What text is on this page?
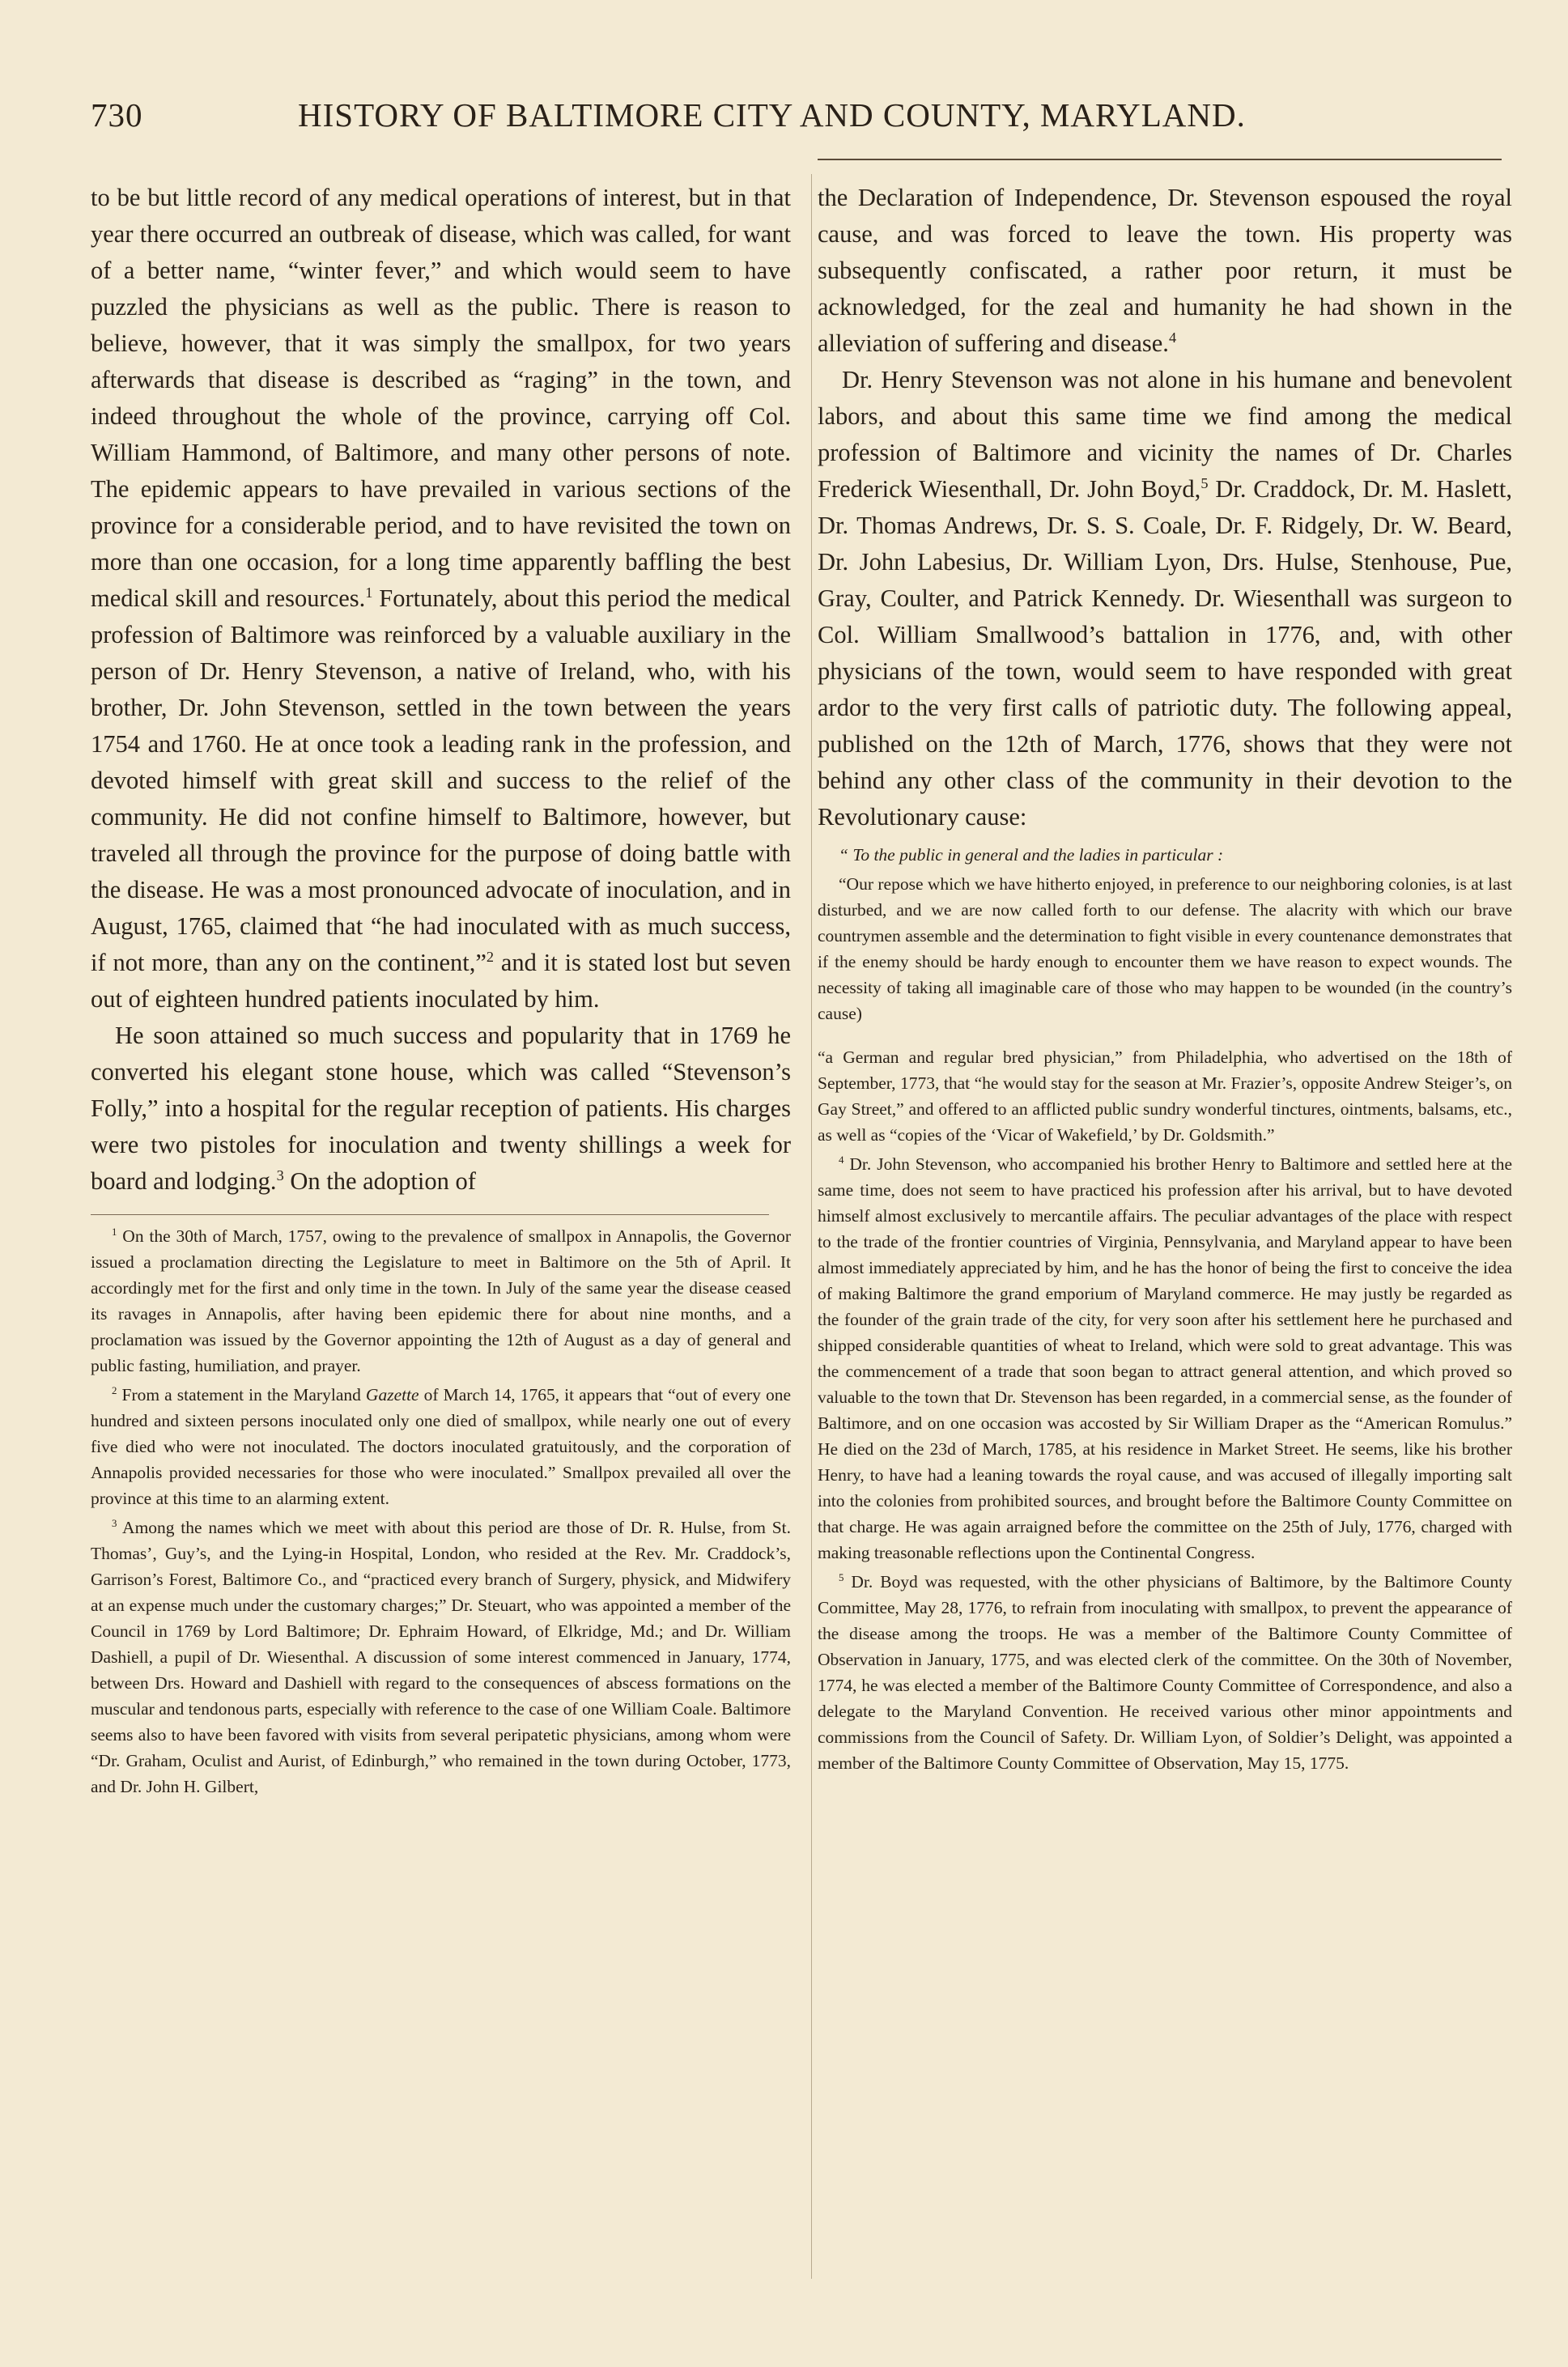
730	HISTORY OF BALTIMORE CITY AND COUNTY, MARYLAND.

to be but little record of any medical operations of interest, but in that year there occurred an outbreak of disease, which was called, for want of a better name, “winter fever,” and which would seem to have puzzled the physicians as well as the public. There is reason to believe, however, that it was simply the smallpox, for two years afterwards that disease is described as “raging” in the town, and indeed throughout the whole of the province, carrying off Col. William Hammond, of Baltimore, and many other persons of note. The epidemic appears to have prevailed in various sections of the province for a considerable period, and to have revisited the town on more than one occasion, for a long time apparently baffling the best medical skill and resources.$^1$ Fortunately, about this period the medical profession of Baltimore was reinforced by a valuable auxiliary in the person of Dr. Henry Stevenson, a native of Ireland, who, with his brother, Dr. John Stevenson, settled in the town between the years 1754 and 1760. He at once took a leading rank in the profession, and devoted himself with great skill and success to the relief of the community. He did not confine himself to Baltimore, however, but traveled all through the province for the purpose of doing battle with the disease. He was a most pronounced advocate of inoculation, and in August, 1765, claimed that “he had inoculated with as much success, if not more, than any on the continent,”$^2$ and it is stated lost but seven out of eighteen hundred patients inoculated by him.

He soon attained so much success and popularity that in 1769 he converted his elegant stone house, which was called “Stevenson’s Folly,” into a hospital for the regular reception of patients. His charges were two pistoles for inoculation and twenty shillings a week for board and lodging.$^3$ On the adoption of

$^1$ On the 30th of March, 1757, owing to the prevalence of smallpox in Annapolis, the Governor issued a proclamation directing the Legislature to meet in Baltimore on the 5th of April. It accordingly met for the first and only time in the town. In July of the same year the disease ceased its ravages in Annapolis, after having been epidemic there for about nine months, and a proclamation was issued by the Governor appointing the 12th of August as a day of general and public fasting, humiliation, and prayer.

$^2$ From a statement in the Maryland Gazette of March 14, 1765, it appears that “out of every one hundred and sixteen persons inoculated only one died of smallpox, while nearly one out of every five died who were not inoculated. The doctors inoculated gratuitously, and the corporation of Annapolis provided necessaries for those who were inoculated.” Smallpox prevailed all over the province at this time to an alarming extent.

$^3$ Among the names which we meet with about this period are those of Dr. R. Hulse, from St. Thomas’, Guy’s, and the Lying-in Hospital, London, who resided at the Rev. Mr. Craddock’s, Garrison’s Forest, Baltimore Co., and “practiced every branch of Surgery, physick, and Midwifery at an expense much under the customary charges;” Dr. Steuart, who was appointed a member of the Council in 1769 by Lord Baltimore; Dr. Ephraim Howard, of Elkridge, Md.; and Dr. William Dashiell, a pupil of Dr. Wiesenthal. A discussion of some interest commenced in January, 1774, between Drs. Howard and Dashiell with regard to the consequences of abscess formations on the muscular and tendonous parts, especially with reference to the case of one William Coale. Baltimore seems also to have been favored with visits from several peripatetic physicians, among whom were “Dr. Graham, Oculist and Aurist, of Edinburgh,” who remained in the town during October, 1773, and Dr. John H. Gilbert,

the Declaration of Independence, Dr. Stevenson espoused the royal cause, and was forced to leave the town. His property was subsequently confiscated, a rather poor return, it must be acknowledged, for the zeal and humanity he had shown in the alleviation of suffering and disease.$^4$

Dr. Henry Stevenson was not alone in his humane and benevolent labors, and about this same time we find among the medical profession of Baltimore and vicinity the names of Dr. Charles Frederick Wiesenthall, Dr. John Boyd,$^5$ Dr. Craddock, Dr. M. Haslett, Dr. Thomas Andrews, Dr. S. S. Coale, Dr. F. Ridgely, Dr. W. Beard, Dr. John Labesius, Dr. William Lyon, Drs. Hulse, Stenhouse, Pue, Gray, Coulter, and Patrick Kennedy. Dr. Wiesenthall was surgeon to Col. William Smallwood’s battalion in 1776, and, with other physicians of the town, would seem to have responded with great ardor to the very first calls of patriotic duty. The following appeal, published on the 12th of March, 1776, shows that they were not behind any other class of the community in their devotion to the Revolutionary cause:

“ To the public in general and the ladies in particular :

“Our repose which we have hitherto enjoyed, in preference to our neighboring colonies, is at last disturbed, and we are now called forth to our defense. The alacrity with which our brave countrymen assemble and the determination to fight visible in every countenance demonstrates that if the enemy should be hardy enough to encounter them we have reason to expect wounds. The necessity of taking all imaginable care of those who may happen to be wounded (in the country’s cause)

“a German and regular bred physician,” from Philadelphia, who advertised on the 18th of September, 1773, that “he would stay for the season at Mr. Frazier’s, opposite Andrew Steiger’s, on Gay Street,” and offered to an afflicted public sundry wonderful tinctures, ointments, balsams, etc., as well as “copies of the ‘Vicar of Wakefield,’ by Dr. Goldsmith.”

$^4$ Dr. John Stevenson, who accompanied his brother Henry to Baltimore and settled here at the same time, does not seem to have practiced his profession after his arrival, but to have devoted himself almost exclusively to mercantile affairs. The peculiar advantages of the place with respect to the trade of the frontier countries of Virginia, Pennsylvania, and Maryland appear to have been almost immediately appreciated by him, and he has the honor of being the first to conceive the idea of making Baltimore the grand emporium of Maryland commerce. He may justly be regarded as the founder of the grain trade of the city, for very soon after his settlement here he purchased and shipped considerable quantities of wheat to Ireland, which were sold to great advantage. This was the commencement of a trade that soon began to attract general attention, and which proved so valuable to the town that Dr. Stevenson has been regarded, in a commercial sense, as the founder of Baltimore, and on one occasion was accosted by Sir William Draper as the “American Romulus.” He died on the 23d of March, 1785, at his residence in Market Street. He seems, like his brother Henry, to have had a leaning towards the royal cause, and was accused of illegally importing salt into the colonies from prohibited sources, and brought before the Baltimore County Committee on that charge. He was again arraigned before the committee on the 25th of July, 1776, charged with making treasonable reflections upon the Continental Congress.

$^5$ Dr. Boyd was requested, with the other physicians of Baltimore, by the Baltimore County Committee, May 28, 1776, to refrain from inoculating with smallpox, to prevent the appearance of the disease among the troops. He was a member of the Baltimore County Committee of Observation in January, 1775, and was elected clerk of the committee. On the 30th of November, 1774, he was elected a member of the Baltimore County Committee of Correspondence, and also a delegate to the Maryland Convention. He received various other minor appointments and commissions from the Council of Safety. Dr. William Lyon, of Soldier’s Delight, was appointed a member of the Baltimore County Committee of Observation, May 15, 1775.
